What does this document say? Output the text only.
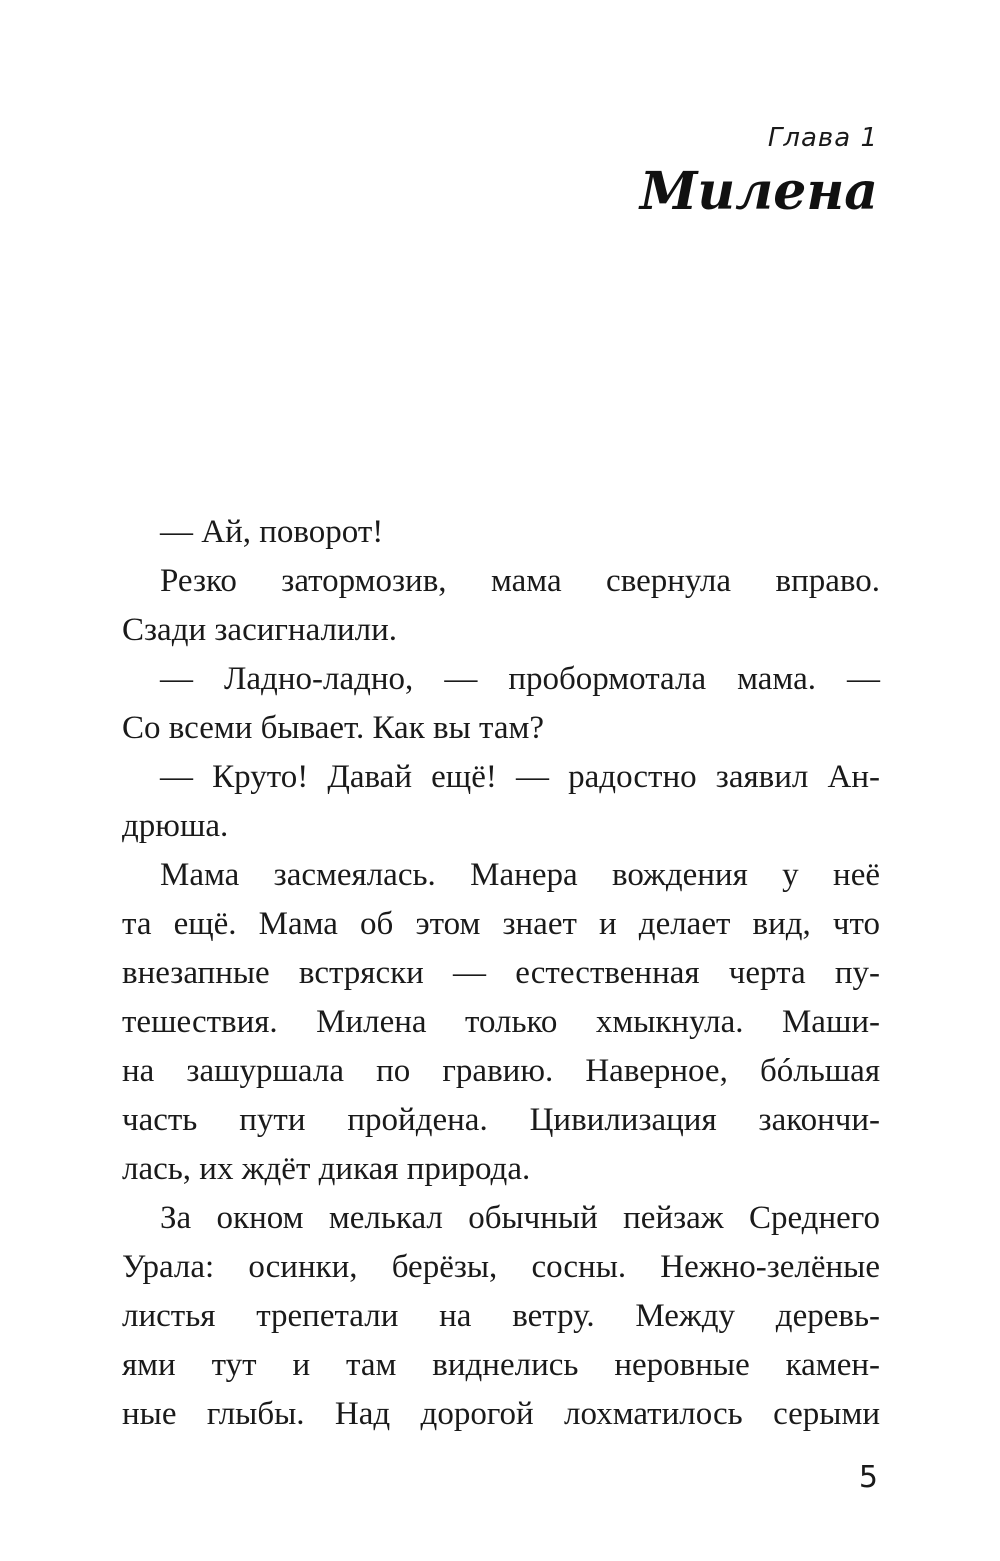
Глава 1
Милена
— Ай, поворот!
Резко затормозив, мама свернула вправо.
Сзади засигналили.
— Ладно-ладно, — пробормотала мама. —
Со всеми бывает. Как вы там?
— Круто! Давай ещё! — радостно заявил Ан-
дрюша.
Мама засмеялась. Манера вождения у неё
та ещё. Мама об этом знает и делает вид, что
внезапные встряски — естественная черта пу-
тешествия. Милена только хмыкнула. Маши-
на зашуршала по гравию. Наверное, бóльшая
часть пути пройдена. Цивилизация закончи-
лась, их ждёт дикая природа.
За окном мелькал обычный пейзаж Среднего
Урала: осинки, берёзы, сосны. Нежно-зелёные
листья трепетали на ветру. Между деревь-
ями тут и там виднелись неровные камен-
ные глыбы. Над дорогой лохматилось серыми
5
